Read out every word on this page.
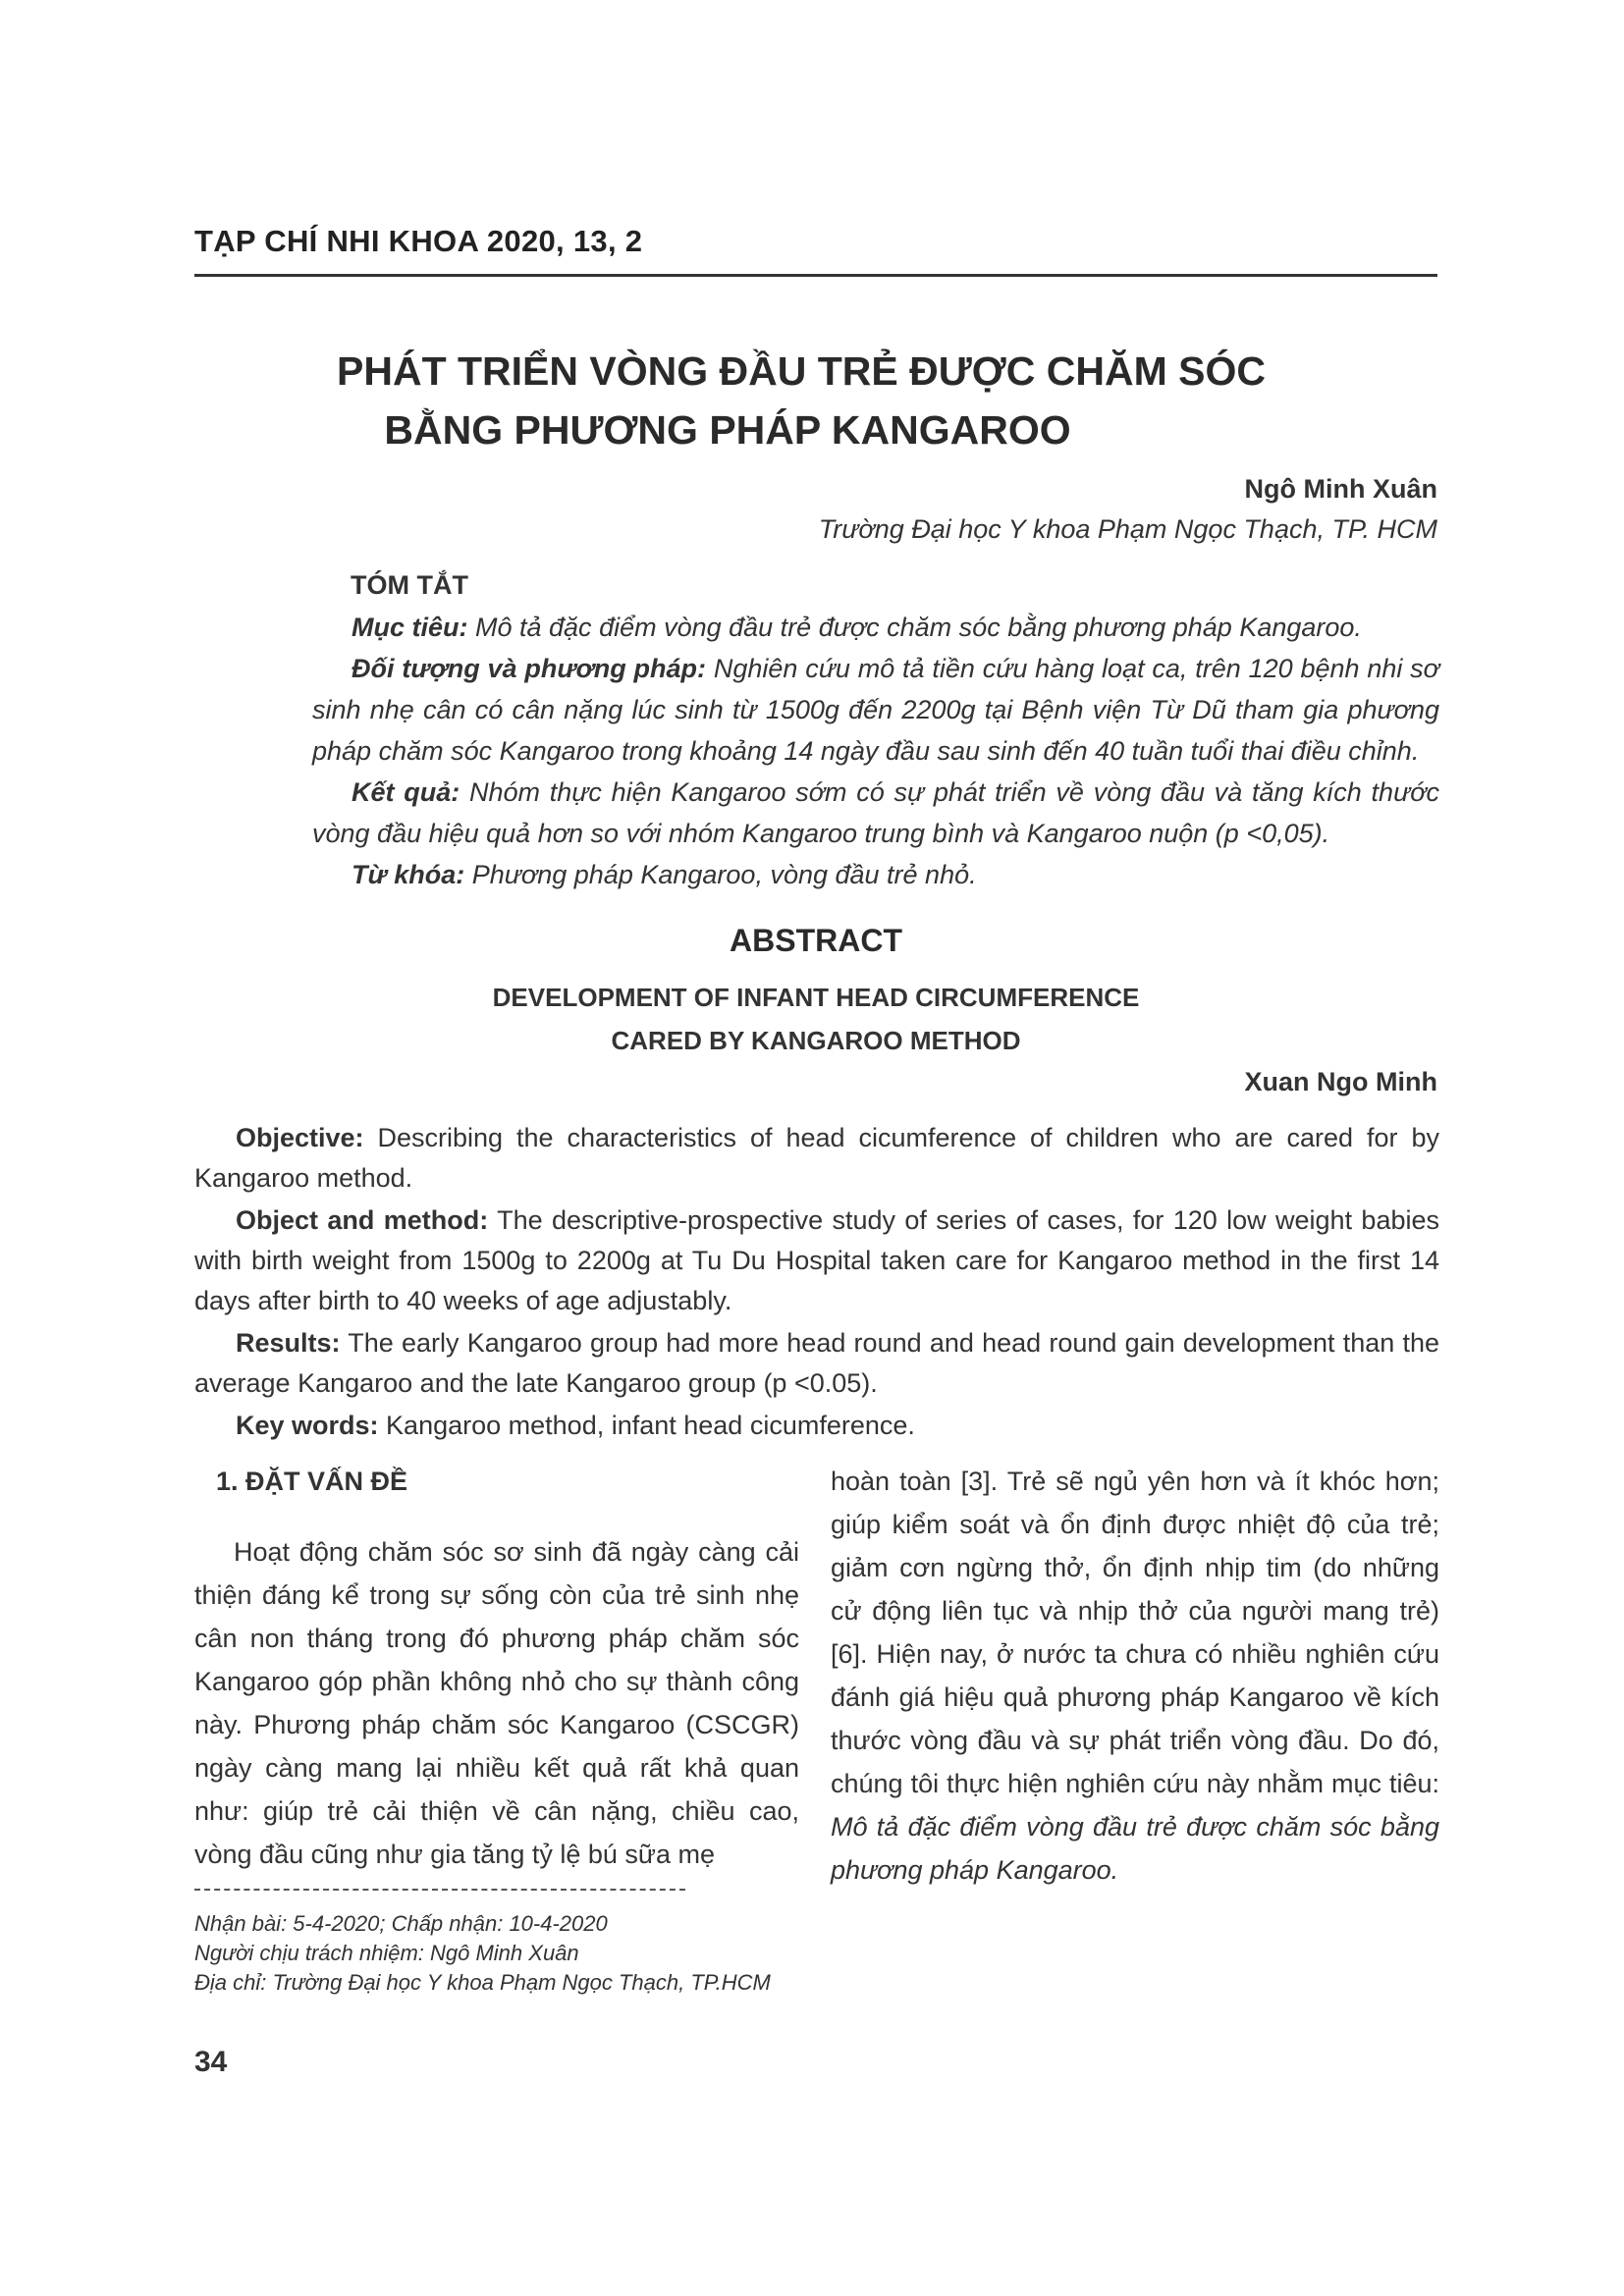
TẠP CHÍ NHI KHOA 2020, 13, 2
PHÁT TRIỂN VÒNG ĐẦU TRẺ ĐƯỢC CHĂM SÓC
BẰNG PHƯƠNG PHÁP KANGAROO
Ngô Minh Xuân
Trường Đại học Y khoa Phạm Ngọc Thạch, TP. HCM
TÓM TẮT

Mục tiêu: Mô tả đặc điểm vòng đầu trẻ được chăm sóc bằng phương pháp Kangaroo.

Đối tượng và phương pháp: Nghiên cứu mô tả tiền cứu hàng loạt ca, trên 120 bệnh nhi sơ sinh nhẹ cân có cân nặng lúc sinh từ 1500g đến 2200g tại Bệnh viện Từ Dũ tham gia phương pháp chăm sóc Kangaroo trong khoảng 14 ngày đầu sau sinh đến 40 tuần tuổi thai điều chỉnh.

Kết quả: Nhóm thực hiện Kangaroo sớm có sự phát triển về vòng đầu và tăng kích thước vòng đầu hiệu quả hơn so với nhóm Kangaroo trung bình và Kangaroo nuộn (p <0,05).

Từ khóa: Phương pháp Kangaroo, vòng đầu trẻ nhỏ.

ABSTRACT
DEVELOPMENT OF INFANT HEAD CIRCUMFERENCE
CARED BY KANGAROO METHOD
Xuan Ngo Minh

Objective: Describing the characteristics of head cicumference of children who are cared for by Kangaroo method.

Object and method: The descriptive-prospective study of series of cases, for 120 low weight babies with birth weight from 1500g to 2200g at Tu Du Hospital taken care for Kangaroo method in the first 14 days after birth to 40 weeks of age adjustably.

Results: The early Kangaroo group had more head round and head round gain development than the average Kangaroo and the late Kangaroo group (p <0.05).

Key words: Kangaroo method, infant head cicumference.

1. ĐẶT VẤN ĐỀ

Hoạt động chăm sóc sơ sinh đã ngày càng cải thiện đáng kể trong sự sống còn của trẻ sinh nhẹ cân non tháng trong đó phương pháp chăm sóc Kangaroo góp phần không nhỏ cho sự thành công này. Phương pháp chăm sóc Kangaroo (CSCGR) ngày càng mang lại nhiều kết quả rất khả quan như: giúp trẻ cải thiện về cân nặng, chiều cao, vòng đầu cũng như gia tăng tỷ lệ bú sữa mẹ

hoàn toàn [3]. Trẻ sẽ ngủ yên hơn và ít khóc hơn; giúp kiểm soát và ổn định được nhiệt độ của trẻ; giảm cơn ngừng thở, ổn định nhịp tim (do những cử động liên tục và nhịp thở của người mang trẻ) [6]. Hiện nay, ở nước ta chưa có nhiều nghiên cứu đánh giá hiệu quả phương pháp Kangaroo về kích thước vòng đầu và sự phát triển vòng đầu. Do đó, chúng tôi thực hiện nghiên cứu này nhằm mục tiêu: Mô tả đặc điểm vòng đầu trẻ được chăm sóc bằng phương pháp Kangaroo.

Nhận bài: 5-4-2020; Chấp nhận: 10-4-2020
Người chịu trách nhiệm: Ngô Minh Xuân
Địa chỉ: Trường Đại học Y khoa Phạm Ngọc Thạch, TP.HCM
34
